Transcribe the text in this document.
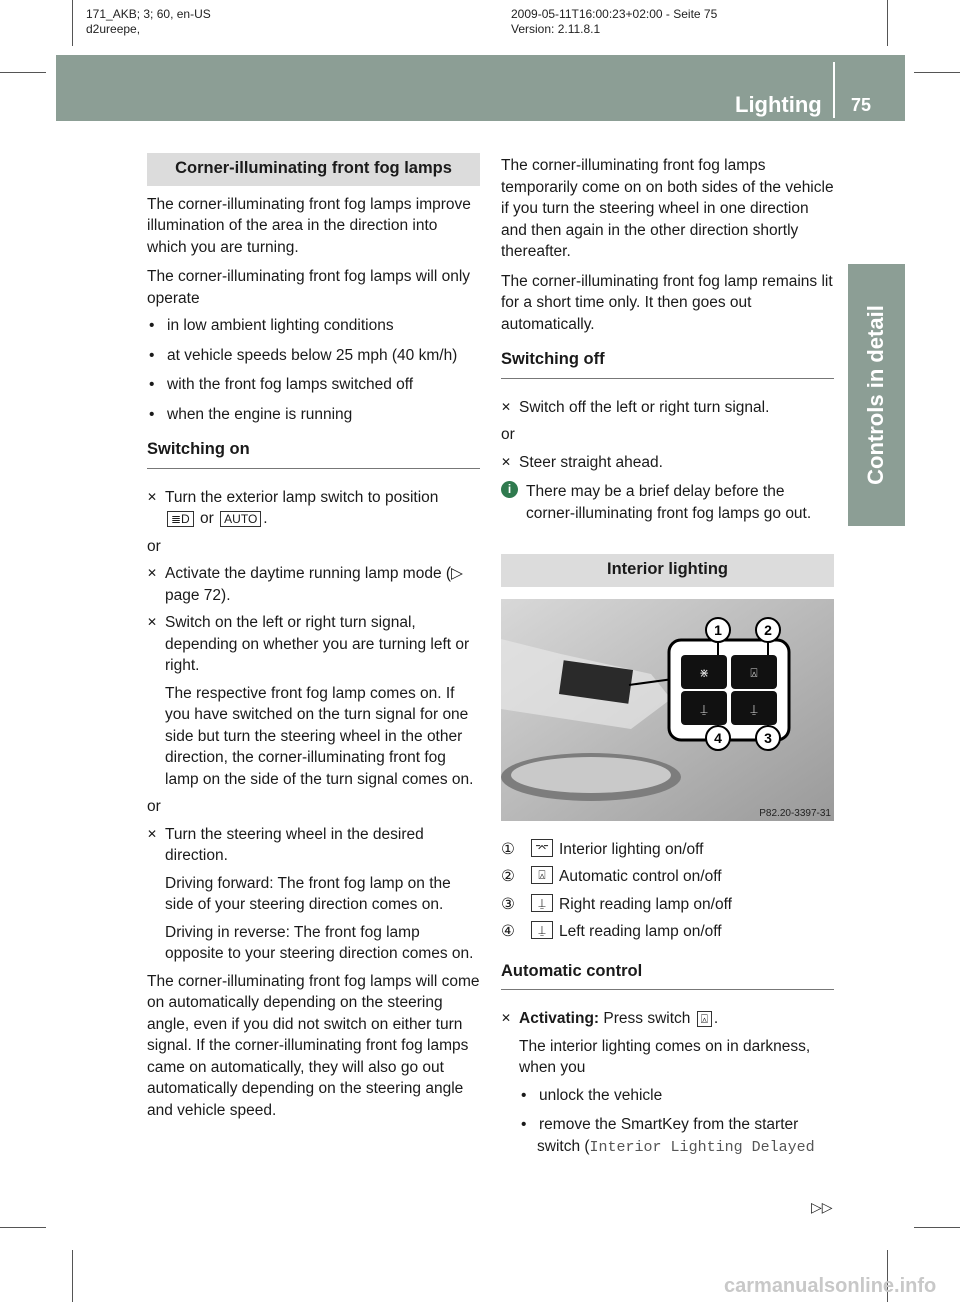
171_AKB; 3; 60, en-US
d2ureepe,
2009-05-11T16:00:23+02:00 - Seite 75
Version: 2.11.8.1
Lighting 75
Controls in detail
Corner-illuminating front fog lamps

The corner-illuminating front fog lamps improve illumination of the area in the direction into which you are turning.

The corner-illuminating front fog lamps will only operate

• in low ambient lighting conditions
• at vehicle speeds below 25 mph (40 km/h)
• with the front fog lamps switched off
• when the engine is running
Switching on
✕ Turn the exterior lamp switch to position
≣D or AUTO .
or
✕ Activate the daytime running lamp mode (▷ page 72).
✕ Switch on the left or right turn signal, depending on whether you are turning left or right.
The respective front fog lamp comes on. If you have switched on the turn signal for one side but turn the steering wheel in the other direction, the corner-illuminating front fog lamp on the side of the turn signal comes on.
or
✕ Turn the steering wheel in the desired direction.
Driving forward: The front fog lamp on the side of your steering direction comes on.
Driving in reverse: The front fog lamp opposite to your steering direction comes on.

The corner-illuminating front fog lamps will come on automatically depending on the steering angle, even if you did not switch on either turn signal. If the corner-illuminating front fog lamps came on automatically, they will also go out automatically depending on the steering angle and vehicle speed.

The corner-illuminating front fog lamps temporarily come on on both sides of the vehicle if you turn the steering wheel in one direction and then again in the other direction shortly thereafter.

The corner-illuminating front fog lamp remains lit for a short time only. It then goes out automatically.

Switching off
✕ Switch off the left or right turn signal.
or
✕ Steer straight ahead.
i There may be a brief delay before the corner-illuminating front fog lamps go out.
Interior lighting
⋇	⍓
⍊	⍊
1	2
3
4
P82.20-3397-31
①	⌤ Interior lighting on/off
②	⍓ Automatic control on/off
③	⍊ Right reading lamp on/off
④	⍊ Left reading lamp on/off
Automatic control
✕ Activating: Press switch ⍓ .
The interior lighting comes on in darkness, when you
• unlock the vehicle
• remove the SmartKey from the starter
switch (Interior Lighting Delayed
▷▷
carmanualsonline.info
